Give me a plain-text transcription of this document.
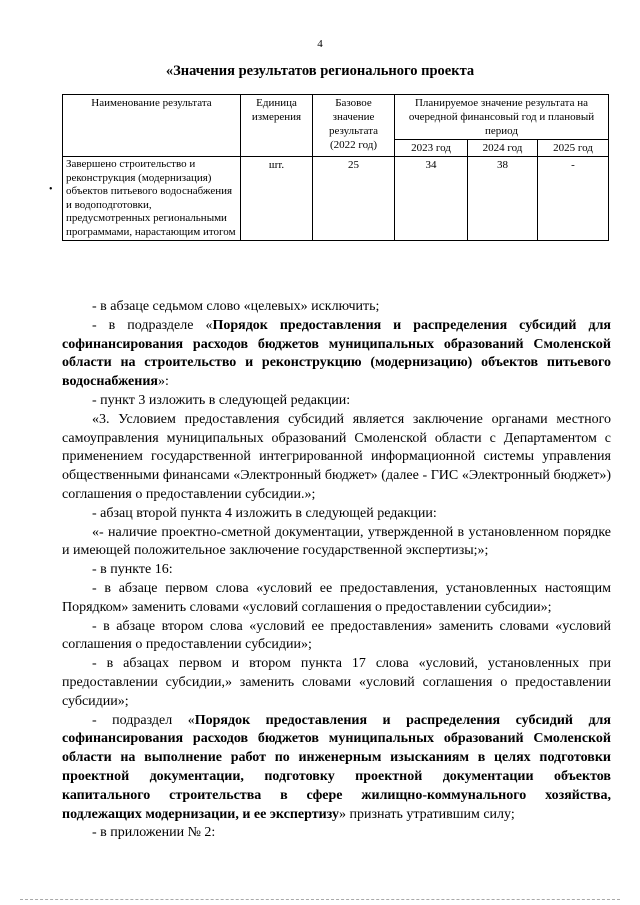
4
«Значения результатов регионального проекта
•
Наименование результата	Единица измерения	Базовое значение результата (2022 год)	Планируемое значение результата на очередной финансовый год и плановый период		
			2023 год	2024 год	2025 год
Завершено строительство и реконструкция (модернизация) объектов питьевого водоснабжения и водоподготовки, предусмотренных региональными программами, нарастающим итогом	шт.	25	34	38	-

- в абзаце седьмом слово «целевых» исключить;

- в подразделе «Порядок предоставления и распределения субсидий для софинансирования расходов бюджетов муниципальных образований Смоленской области на строительство и реконструкцию (модернизацию) объектов питьевого водоснабжения»:

- пункт 3 изложить в следующей редакции:

«3. Условием предоставления субсидий является заключение органами местного самоуправления муниципальных образований Смоленской области с Департаментом с применением государственной интегрированной информационной системы управления общественными финансами «Электронный бюджет» (далее - ГИС «Электронный бюджет») соглашения о предоставлении субсидии.»;

- абзац второй пункта 4 изложить в следующей редакции:

«- наличие проектно-сметной документации, утвержденной в установленном порядке и имеющей положительное заключение государственной экспертизы;»;

- в пункте 16:

- в абзаце первом слова «условий ее предоставления, установленных настоящим Порядком» заменить словами «условий соглашения о предоставлении субсидии»;

- в абзаце втором слова «условий ее предоставления» заменить словами «условий соглашения о предоставлении субсидии»;

- в абзацах первом и втором пункта 17 слова «условий, установленных при предоставлении субсидии,» заменить словами «условий соглашения о предоставлении субсидии»;

- подраздел «Порядок предоставления и распределения субсидий для софинансирования расходов бюджетов муниципальных образований Смоленской области на выполнение работ по инженерным изысканиям в целях подготовки проектной документации, подготовку проектной документации объектов капитального строительства в сфере жилищно-коммунального хозяйства, подлежащих модернизации, и ее экспертизу» признать утратившим силу;

- в приложении № 2:
